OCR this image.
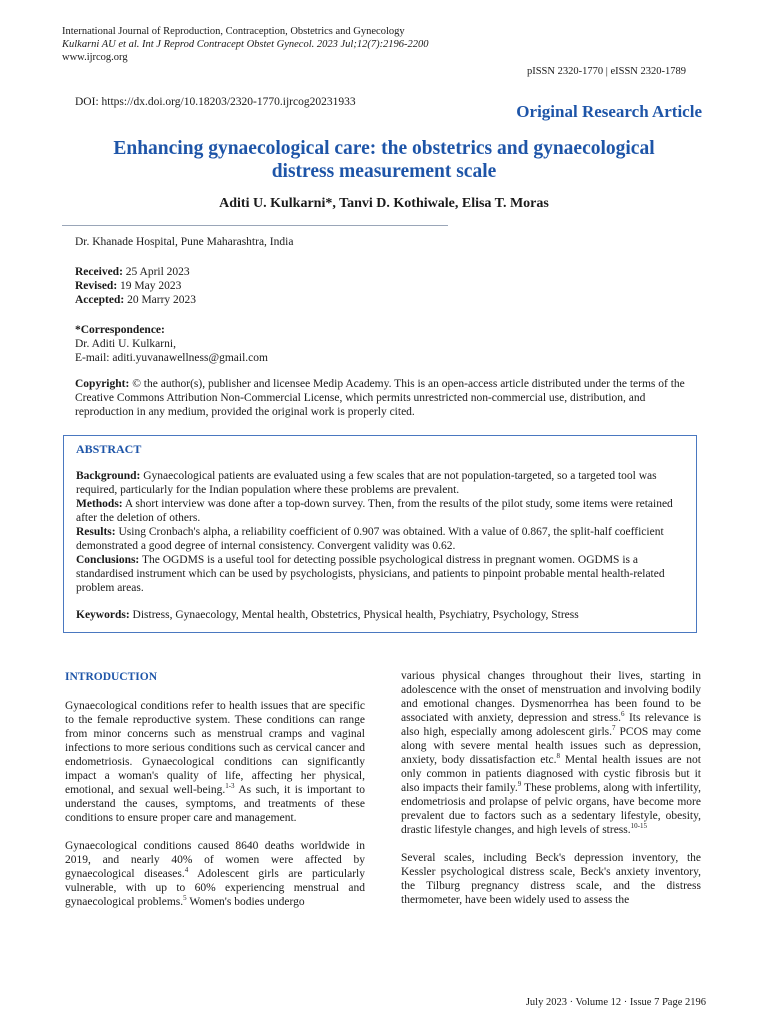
International Journal of Reproduction, Contraception, Obstetrics and Gynecology
Kulkarni AU et al. Int J Reprod Contracept Obstet Gynecol. 2023 Jul;12(7):2196-2200
www.ijrcog.org
pISSN 2320-1770 | eISSN 2320-1789
DOI: https://dx.doi.org/10.18203/2320-1770.ijrcog20231933	Original Research Article
Enhancing gynaecological care: the obstetrics and gynaecological
distress measurement scale
Aditi U. Kulkarni*, Tanvi D. Kothiwale, Elisa T. Moras
Dr. Khanade Hospital, Pune Maharashtra, India
Received: 25 April 2023
Revised: 19 May 2023
Accepted: 20 Marry 2023
*Correspondence:
Dr. Aditi U. Kulkarni,
E-mail: aditi.yuvanawellness@gmail.com
Copyright: © the author(s), publisher and licensee Medip Academy. This is an open-access article distributed under the terms of the Creative Commons Attribution Non-Commercial License, which permits unrestricted non-commercial use, distribution, and reproduction in any medium, provided the original work is properly cited.
ABSTRACT

Background: Gynaecological patients are evaluated using a few scales that are not population-targeted, so a targeted tool was required, particularly for the Indian population where these problems are prevalent.

Methods: A short interview was done after a top-down survey. Then, from the results of the pilot study, some items were retained after the deletion of others.

Results: Using Cronbach's alpha, a reliability coefficient of 0.907 was obtained. With a value of 0.867, the split-half coefficient demonstrated a good degree of internal consistency. Convergent validity was 0.62.

Conclusions: The OGDMS is a useful tool for detecting possible psychological distress in pregnant women. OGDMS is a standardised instrument which can be used by psychologists, physicians, and patients to pinpoint probable mental health-related problem areas.

Keywords: Distress, Gynaecology, Mental health, Obstetrics, Physical health, Psychiatry, Psychology, Stress

INTRODUCTION

Gynaecological conditions refer to health issues that are specific to the female reproductive system. These conditions can range from minor concerns such as menstrual cramps and vaginal infections to more serious conditions such as cervical cancer and endometriosis. Gynaecological conditions can significantly impact a woman's quality of life, affecting her physical, emotional, and sexual well-being.$^{1-3}$ As such, it is important to understand the causes, symptoms, and treatments of these conditions to ensure proper care and management.

Gynaecological conditions caused 8640 deaths worldwide in 2019, and nearly 40% of women were affected by gynaecological diseases.$^4$ Adolescent girls are particularly vulnerable, with up to 60% experiencing menstrual and gynaecological problems.$^5$ Women's bodies undergo

various physical changes throughout their lives, starting in adolescence with the onset of menstruation and involving bodily and emotional changes. Dysmenorrhea has been found to be associated with anxiety, depression and stress.$^6$ Its relevance is also high, especially among adolescent girls.$^7$ PCOS may come along with severe mental health issues such as depression, anxiety, body dissatisfaction etc.$^8$ Mental health issues are not only common in patients diagnosed with cystic fibrosis but it also impacts their family.$^9$ These problems, along with infertility, endometriosis and prolapse of pelvic organs, have become more prevalent due to factors such as a sedentary lifestyle, obesity, drastic lifestyle changes, and high levels of stress.$^{10-15}$

Several scales, including Beck's depression inventory, the Kessler psychological distress scale, Beck's anxiety inventory, the Tilburg pregnancy distress scale, and the distress thermometer, have been widely used to assess the

July 2023 · Volume 12 · Issue 7 Page 2196
